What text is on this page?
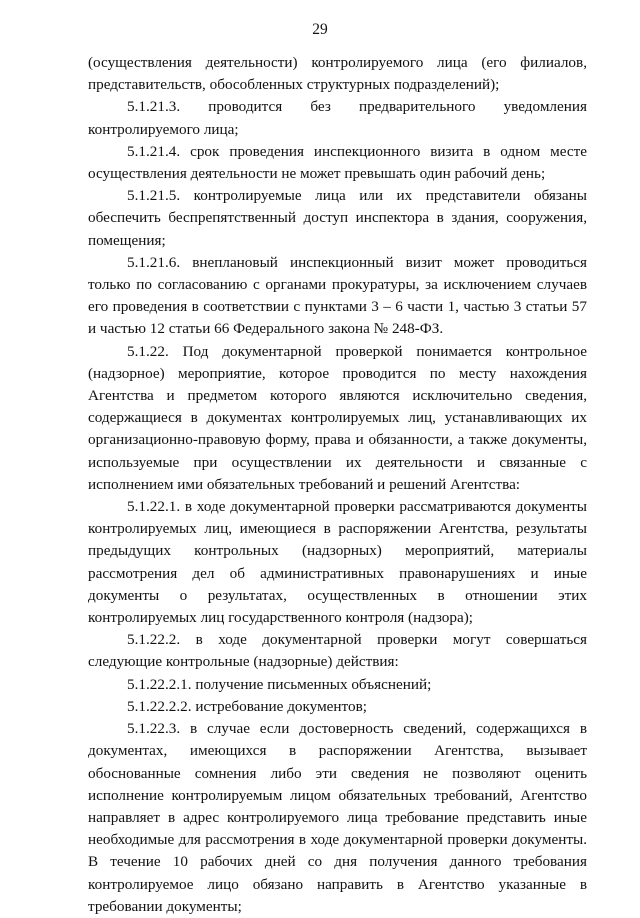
29

(осуществления деятельности) контролируемого лица (его филиалов, представительств, обособленных структурных подразделений);

5.1.21.3. проводится без предварительного уведомления контролируемого лица;

5.1.21.4. срок проведения инспекционного визита в одном месте осуществления деятельности не может превышать один рабочий день;

5.1.21.5. контролируемые лица или их представители обязаны обеспечить беспрепятственный доступ инспектора в здания, сооружения, помещения;

5.1.21.6. внеплановый инспекционный визит может проводиться только по согласованию с органами прокуратуры, за исключением случаев его проведения в соответствии с пунктами 3 – 6 части 1, частью 3 статьи 57 и частью 12 статьи 66 Федерального закона № 248-ФЗ.

5.1.22. Под документарной проверкой понимается контрольное (надзорное) мероприятие, которое проводится по месту нахождения Агентства и предметом которого являются исключительно сведения, содержащиеся в документах контролируемых лиц, устанавливающих их организационно-правовую форму, права и обязанности, а также документы, используемые при осуществлении их деятельности и связанные с исполнением ими обязательных требований и решений Агентства:

5.1.22.1. в ходе документарной проверки рассматриваются документы контролируемых лиц, имеющиеся в распоряжении Агентства, результаты предыдущих контрольных (надзорных) мероприятий, материалы рассмотрения дел об административных правонарушениях и иные документы о результатах, осуществленных в отношении этих контролируемых лиц государственного контроля (надзора);

5.1.22.2. в ходе документарной проверки могут совершаться следующие контрольные (надзорные) действия:

5.1.22.2.1. получение письменных объяснений;

5.1.22.2.2. истребование документов;

5.1.22.3. в случае если достоверность сведений, содержащихся в документах, имеющихся в распоряжении Агентства, вызывает обоснованные сомнения либо эти сведения не позволяют оценить исполнение контролируемым лицом обязательных требований, Агентство направляет в адрес контролируемого лица требование представить иные необходимые для рассмотрения в ходе документарной проверки документы. В течение 10 рабочих дней со дня получения данного требования контролируемое лицо обязано направить в Агентство указанные в требовании документы;
